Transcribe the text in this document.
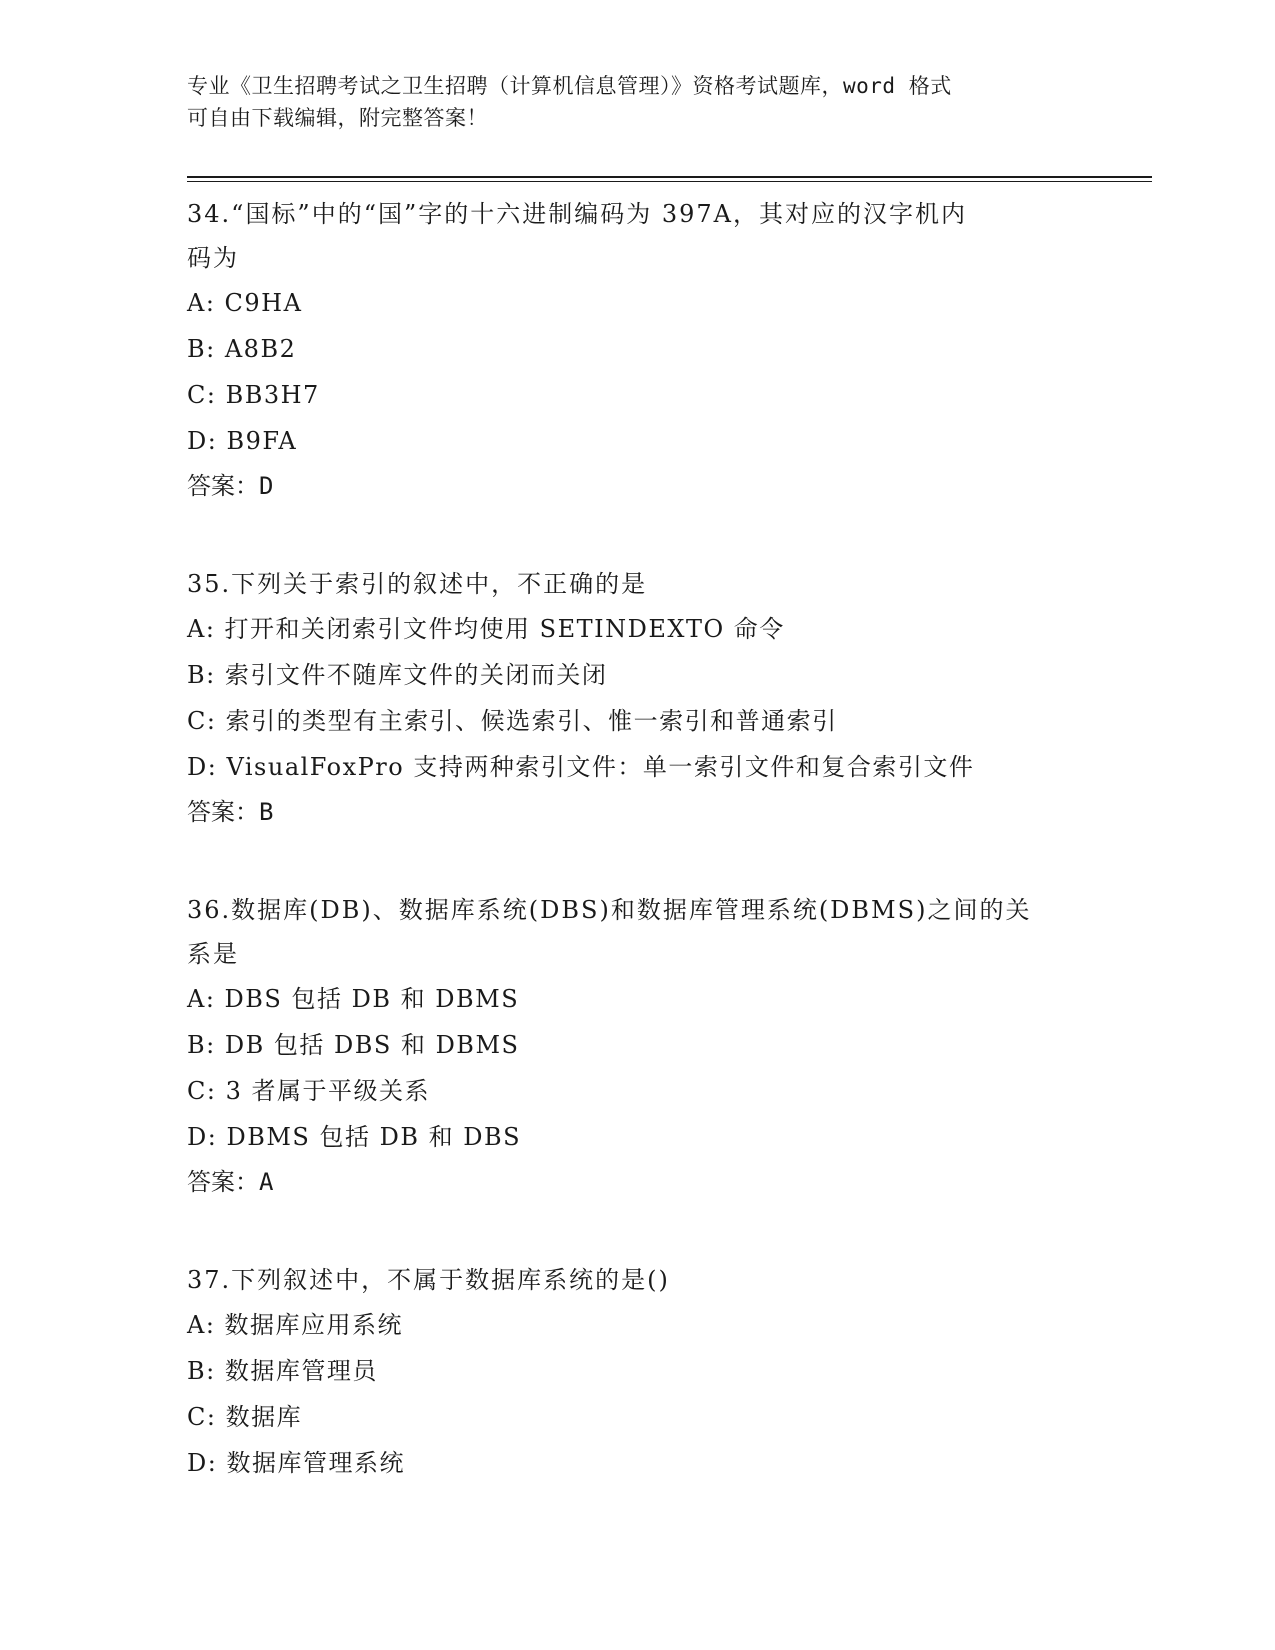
专业《卫生招聘考试之卫生招聘（计算机信息管理）》资格考试题库，word 格式
可自由下载编辑，附完整答案！
34.“国标”中的“国”字的十六进制编码为 397A，其对应的汉字机内
码为
A: C9HA
B: A8B2
C: BB3H7
D: B9FA
答案：D
35.下列关于索引的叙述中，不正确的是
A: 打开和关闭索引文件均使用 SETINDEXTO 命令
B: 索引文件不随库文件的关闭而关闭
C: 索引的类型有主索引、候选索引、惟一索引和普通索引
D: VisualFoxPro 支持两种索引文件：单一索引文件和复合索引文件
答案：B
36.数据库(DB)、数据库系统(DBS)和数据库管理系统(DBMS)之间的关
系是
A: DBS 包括 DB 和 DBMS
B: DB 包括 DBS 和 DBMS
C: 3 者属于平级关系
D: DBMS 包括 DB 和 DBS
答案：A
37.下列叙述中，不属于数据库系统的是()
A: 数据库应用系统
B: 数据库管理员
C: 数据库
D: 数据库管理系统
